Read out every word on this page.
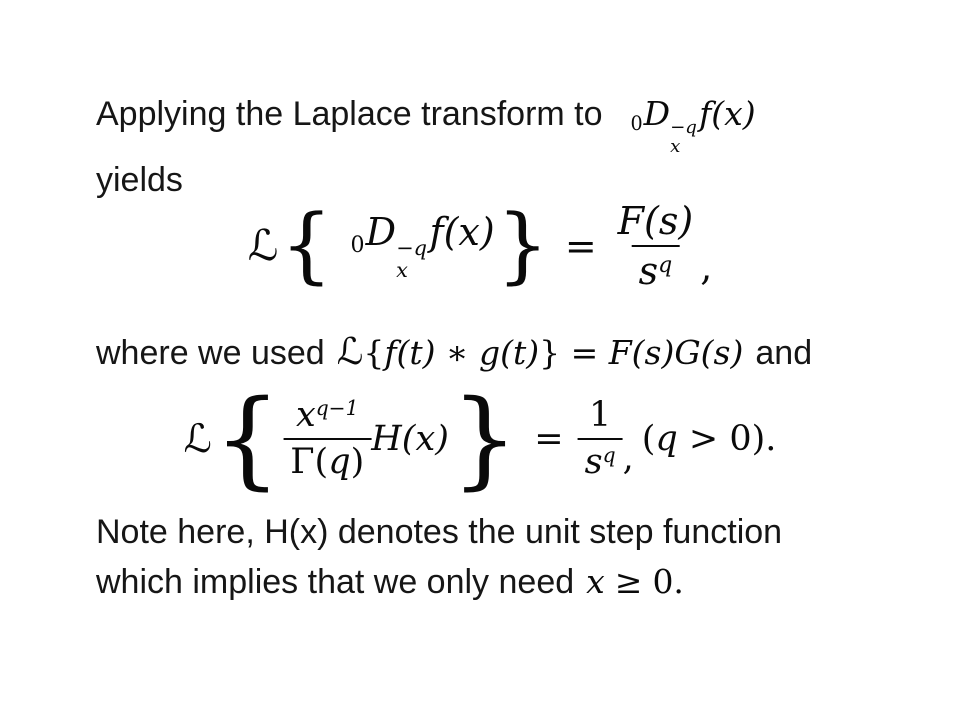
Applying the Laplace transform to 0D −q
x
f(x)
yields
ℒ { 0D −q
x
f(x) } = $\frac{F(s)}{s^q}$ ,
where we used ℒ{f(t) ∗ g(t)} = F(s)G(s) and
ℒ { $\frac{x^{q-1}}{\Gamma(q)} H(x)$ } = $\frac{1}{s^q}$ , (q > 0).
Note here, H(x) denotes the unit step function
which implies that we only need x ≥ 0.
